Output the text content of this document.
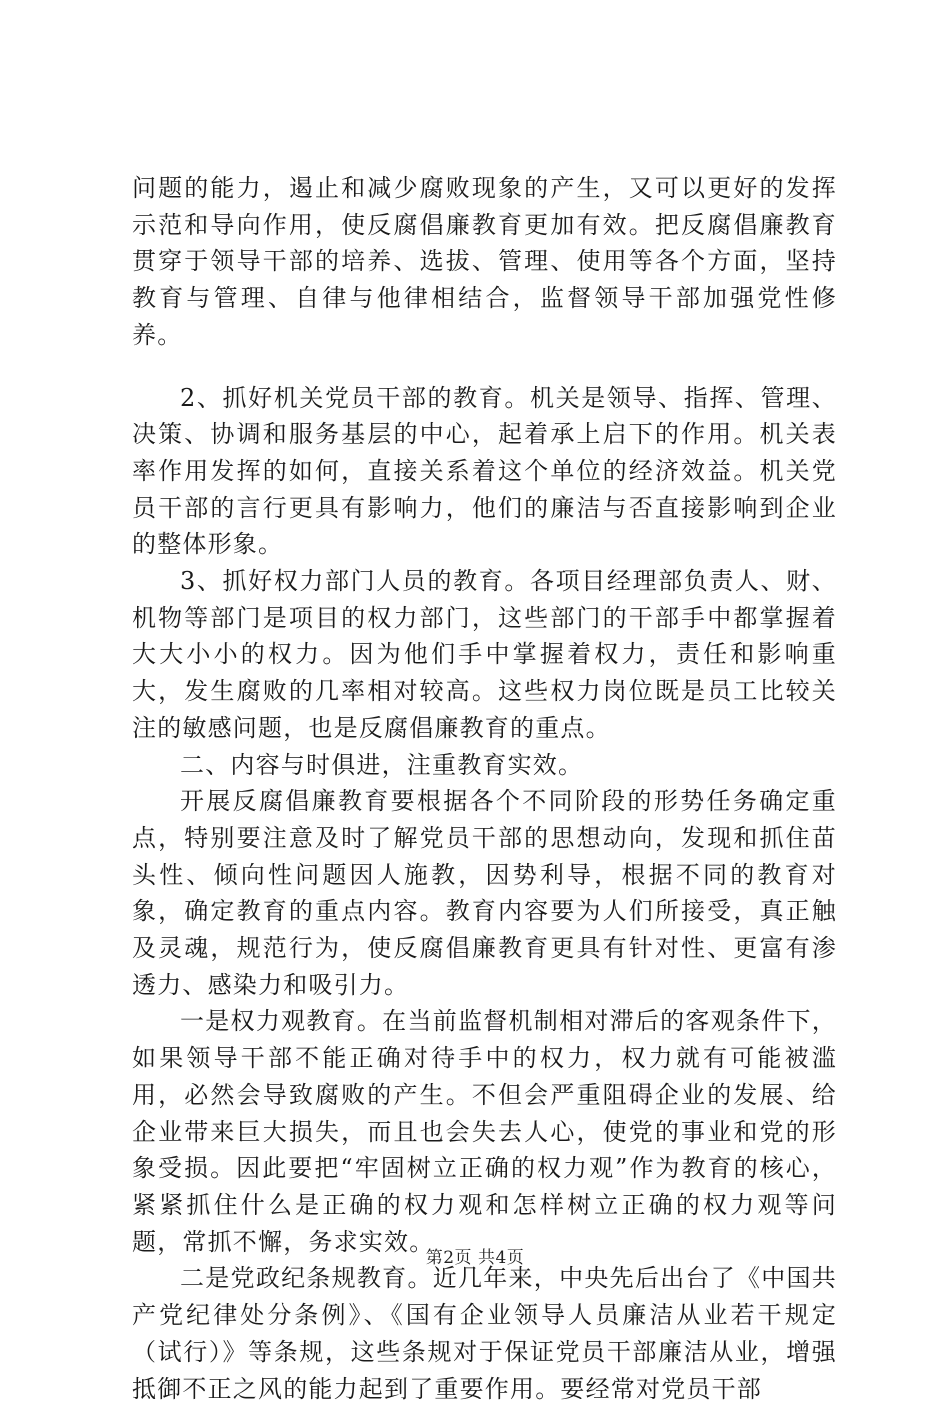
问题的能力，遏止和减少腐败现象的产生，又可以更好的发挥示范和导向作用，使反腐倡廉教育更加有效。把反腐倡廉教育贯穿于领导干部的培养、选拔、管理、使用等各个方面，坚持教育与管理、自律与他律相结合，监督领导干部加强党性修养。

2、抓好机关党员干部的教育。机关是领导、指挥、管理、决策、协调和服务基层的中心，起着承上启下的作用。机关表率作用发挥的如何，直接关系着这个单位的经济效益。机关党员干部的言行更具有影响力，他们的廉洁与否直接影响到企业的整体形象。

3、抓好权力部门人员的教育。各项目经理部负责人、财、机物等部门是项目的权力部门，这些部门的干部手中都掌握着大大小小的权力。因为他们手中掌握着权力，责任和影响重大，发生腐败的几率相对较高。这些权力岗位既是员工比较关注的敏感问题，也是反腐倡廉教育的重点。

二、内容与时俱进，注重教育实效。

开展反腐倡廉教育要根据各个不同阶段的形势任务确定重点，特别要注意及时了解党员干部的思想动向，发现和抓住苗头性、倾向性问题因人施教，因势利导，根据不同的教育对象，确定教育的重点内容。教育内容要为人们所接受，真正触及灵魂，规范行为，使反腐倡廉教育更具有针对性、更富有渗透力、感染力和吸引力。

一是权力观教育。在当前监督机制相对滞后的客观条件下，如果领导干部不能正确对待手中的权力，权力就有可能被滥用，必然会导致腐败的产生。不但会严重阻碍企业的发展、给企业带来巨大损失，而且也会失去人心，使党的事业和党的形象受损。因此要把“牢固树立正确的权力观”作为教育的核心，紧紧抓住什么是正确的权力观和怎样树立正确的权力观等问题，常抓不懈，务求实效。

二是党政纪条规教育。近几年来，中央先后出台了《中国共产党纪律处分条例》、《国有企业领导人员廉洁从业若干规定（试行）》等条规，这些条规对于保证党员干部廉洁从业，增强抵御不正之风的能力起到了重要作用。要经常对党员干部

第2页 共4页
